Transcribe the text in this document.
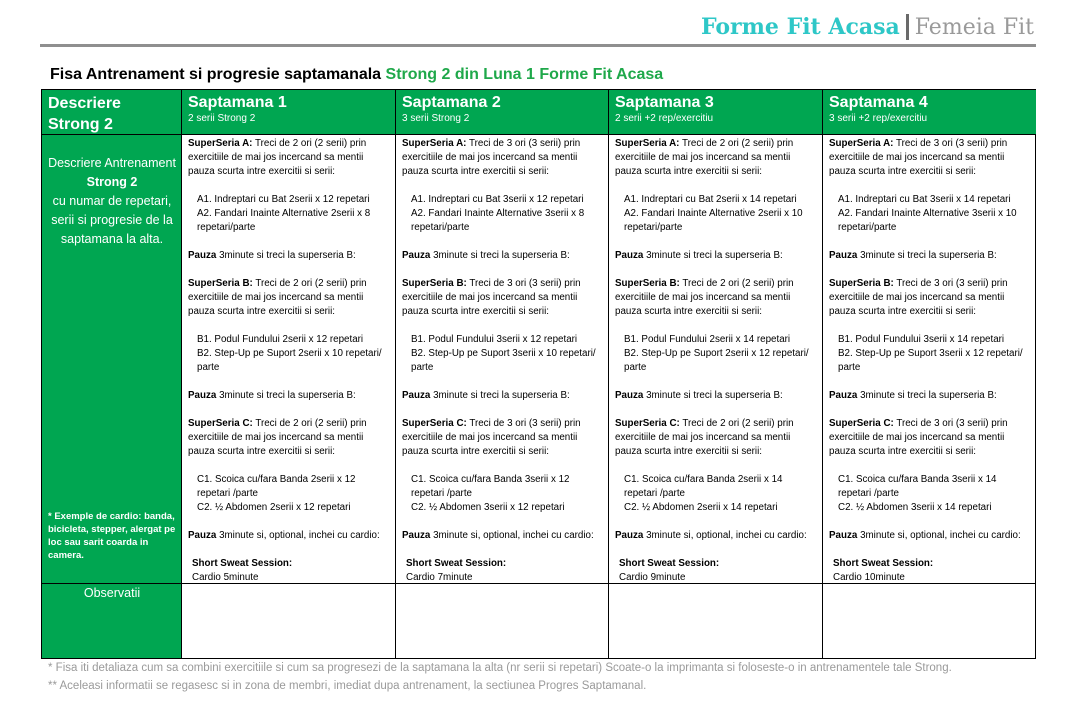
Forme Fit Acasa Femeia Fit
Fisa Antrenament si progresie saptamanala Strong 2 din Luna 1 Forme Fit Acasa
Descriere Strong 2
Descriere Antrenament
Strong 2
cu numar de repetari, serii si progresie de la saptamana la alta.
* Exemple de cardio: banda, bicicleta, stepper, alergat pe loc sau sarit coarda in camera.
Observatii
Saptamana 1
2 serii Strong 2

SuperSeria A: Treci de 2 ori (2 serii) prin exercitiile de mai jos incercand sa mentii pauza scurta intre exercitii si serii:

A1. Indreptari cu Bat 2serii x 12 repetari
A2. Fandari Inainte Alternative 2serii x 8 repetari/parte

Pauza 3minute si treci la superseria B:

SuperSeria B: Treci de 2 ori (2 serii) prin exercitiile de mai jos incercand sa mentii pauza scurta intre exercitii si serii:

B1. Podul Fundului 2serii x 12 repetari
B2. Step-Up pe Suport 2serii x 10 repetari/ parte

Pauza 3minute si treci la superseria B:

SuperSeria C: Treci de 2 ori (2 serii) prin exercitiile de mai jos incercand sa mentii pauza scurta intre exercitii si serii:

C1. Scoica cu/fara Banda 2serii x 12 repetari /parte
C2. ½ Abdomen 2serii x 12 repetari

Pauza 3minute si, optional, inchei cu cardio:

Short Sweat Session:
Cardio 5minute

Saptamana 2
3 serii Strong 2

SuperSeria A: Treci de 3 ori (3 serii) prin exercitiile de mai jos incercand sa mentii pauza scurta intre exercitii si serii:

A1. Indreptari cu Bat 3serii x 12 repetari
A2. Fandari Inainte Alternative 3serii x 8 repetari/parte

Pauza 3minute si treci la superseria B:

SuperSeria B: Treci de 3 ori (3 serii) prin exercitiile de mai jos incercand sa mentii pauza scurta intre exercitii si serii:

B1. Podul Fundului 3serii x 12 repetari
B2. Step-Up pe Suport 3serii x 10 repetari/ parte

Pauza 3minute si treci la superseria B:

SuperSeria C: Treci de 3 ori (3 serii) prin exercitiile de mai jos incercand sa mentii pauza scurta intre exercitii si serii:

C1. Scoica cu/fara Banda 3serii x 12 repetari /parte
C2. ½ Abdomen 3serii x 12 repetari

Pauza 3minute si, optional, inchei cu cardio:

Short Sweat Session:
Cardio 7minute

Saptamana 3
2 serii +2 rep/exercitiu

SuperSeria A: Treci de 2 ori (2 serii) prin exercitiile de mai jos incercand sa mentii pauza scurta intre exercitii si serii:

A1. Indreptari cu Bat 2serii x 14 repetari
A2. Fandari Inainte Alternative 2serii x 10 repetari/parte

Pauza 3minute si treci la superseria B:

SuperSeria B: Treci de 2 ori (2 serii) prin exercitiile de mai jos incercand sa mentii pauza scurta intre exercitii si serii:

B1. Podul Fundului 2serii x 14 repetari
B2. Step-Up pe Suport 2serii x 12 repetari/ parte

Pauza 3minute si treci la superseria B:

SuperSeria C: Treci de 2 ori (2 serii) prin exercitiile de mai jos incercand sa mentii pauza scurta intre exercitii si serii:

C1. Scoica cu/fara Banda 2serii x 14 repetari /parte
C2. ½ Abdomen 2serii x 14 repetari

Pauza 3minute si, optional, inchei cu cardio:

Short Sweat Session:
Cardio 9minute

Saptamana 4
3 serii +2 rep/exercitiu

SuperSeria A: Treci de 3 ori (3 serii) prin exercitiile de mai jos incercand sa mentii pauza scurta intre exercitii si serii:

A1. Indreptari cu Bat 3serii x 14 repetari
A2. Fandari Inainte Alternative 3serii x 10 repetari/parte

Pauza 3minute si treci la superseria B:

SuperSeria B: Treci de 3 ori (3 serii) prin exercitiile de mai jos incercand sa mentii pauza scurta intre exercitii si serii:

B1. Podul Fundului 3serii x 14 repetari
B2. Step-Up pe Suport 3serii x 12 repetari/ parte

Pauza 3minute si treci la superseria B:

SuperSeria C: Treci de 3 ori (3 serii) prin exercitiile de mai jos incercand sa mentii pauza scurta intre exercitii si serii:

C1. Scoica cu/fara Banda 3serii x 14 repetari /parte
C2. ½ Abdomen 3serii x 14 repetari

Pauza 3minute si, optional, inchei cu cardio:

Short Sweat Session:
Cardio 10minute

* Fisa iti detaliaza cum sa combini exercitiile si cum sa progresezi de la saptamana la alta (nr serii si repetari) Scoate-o la imprimanta si foloseste-o in antrenamentele tale Strong.
** Aceleasi informatii se regasesc si in zona de membri, imediat dupa antrenament, la sectiunea Progres Saptamanal.
